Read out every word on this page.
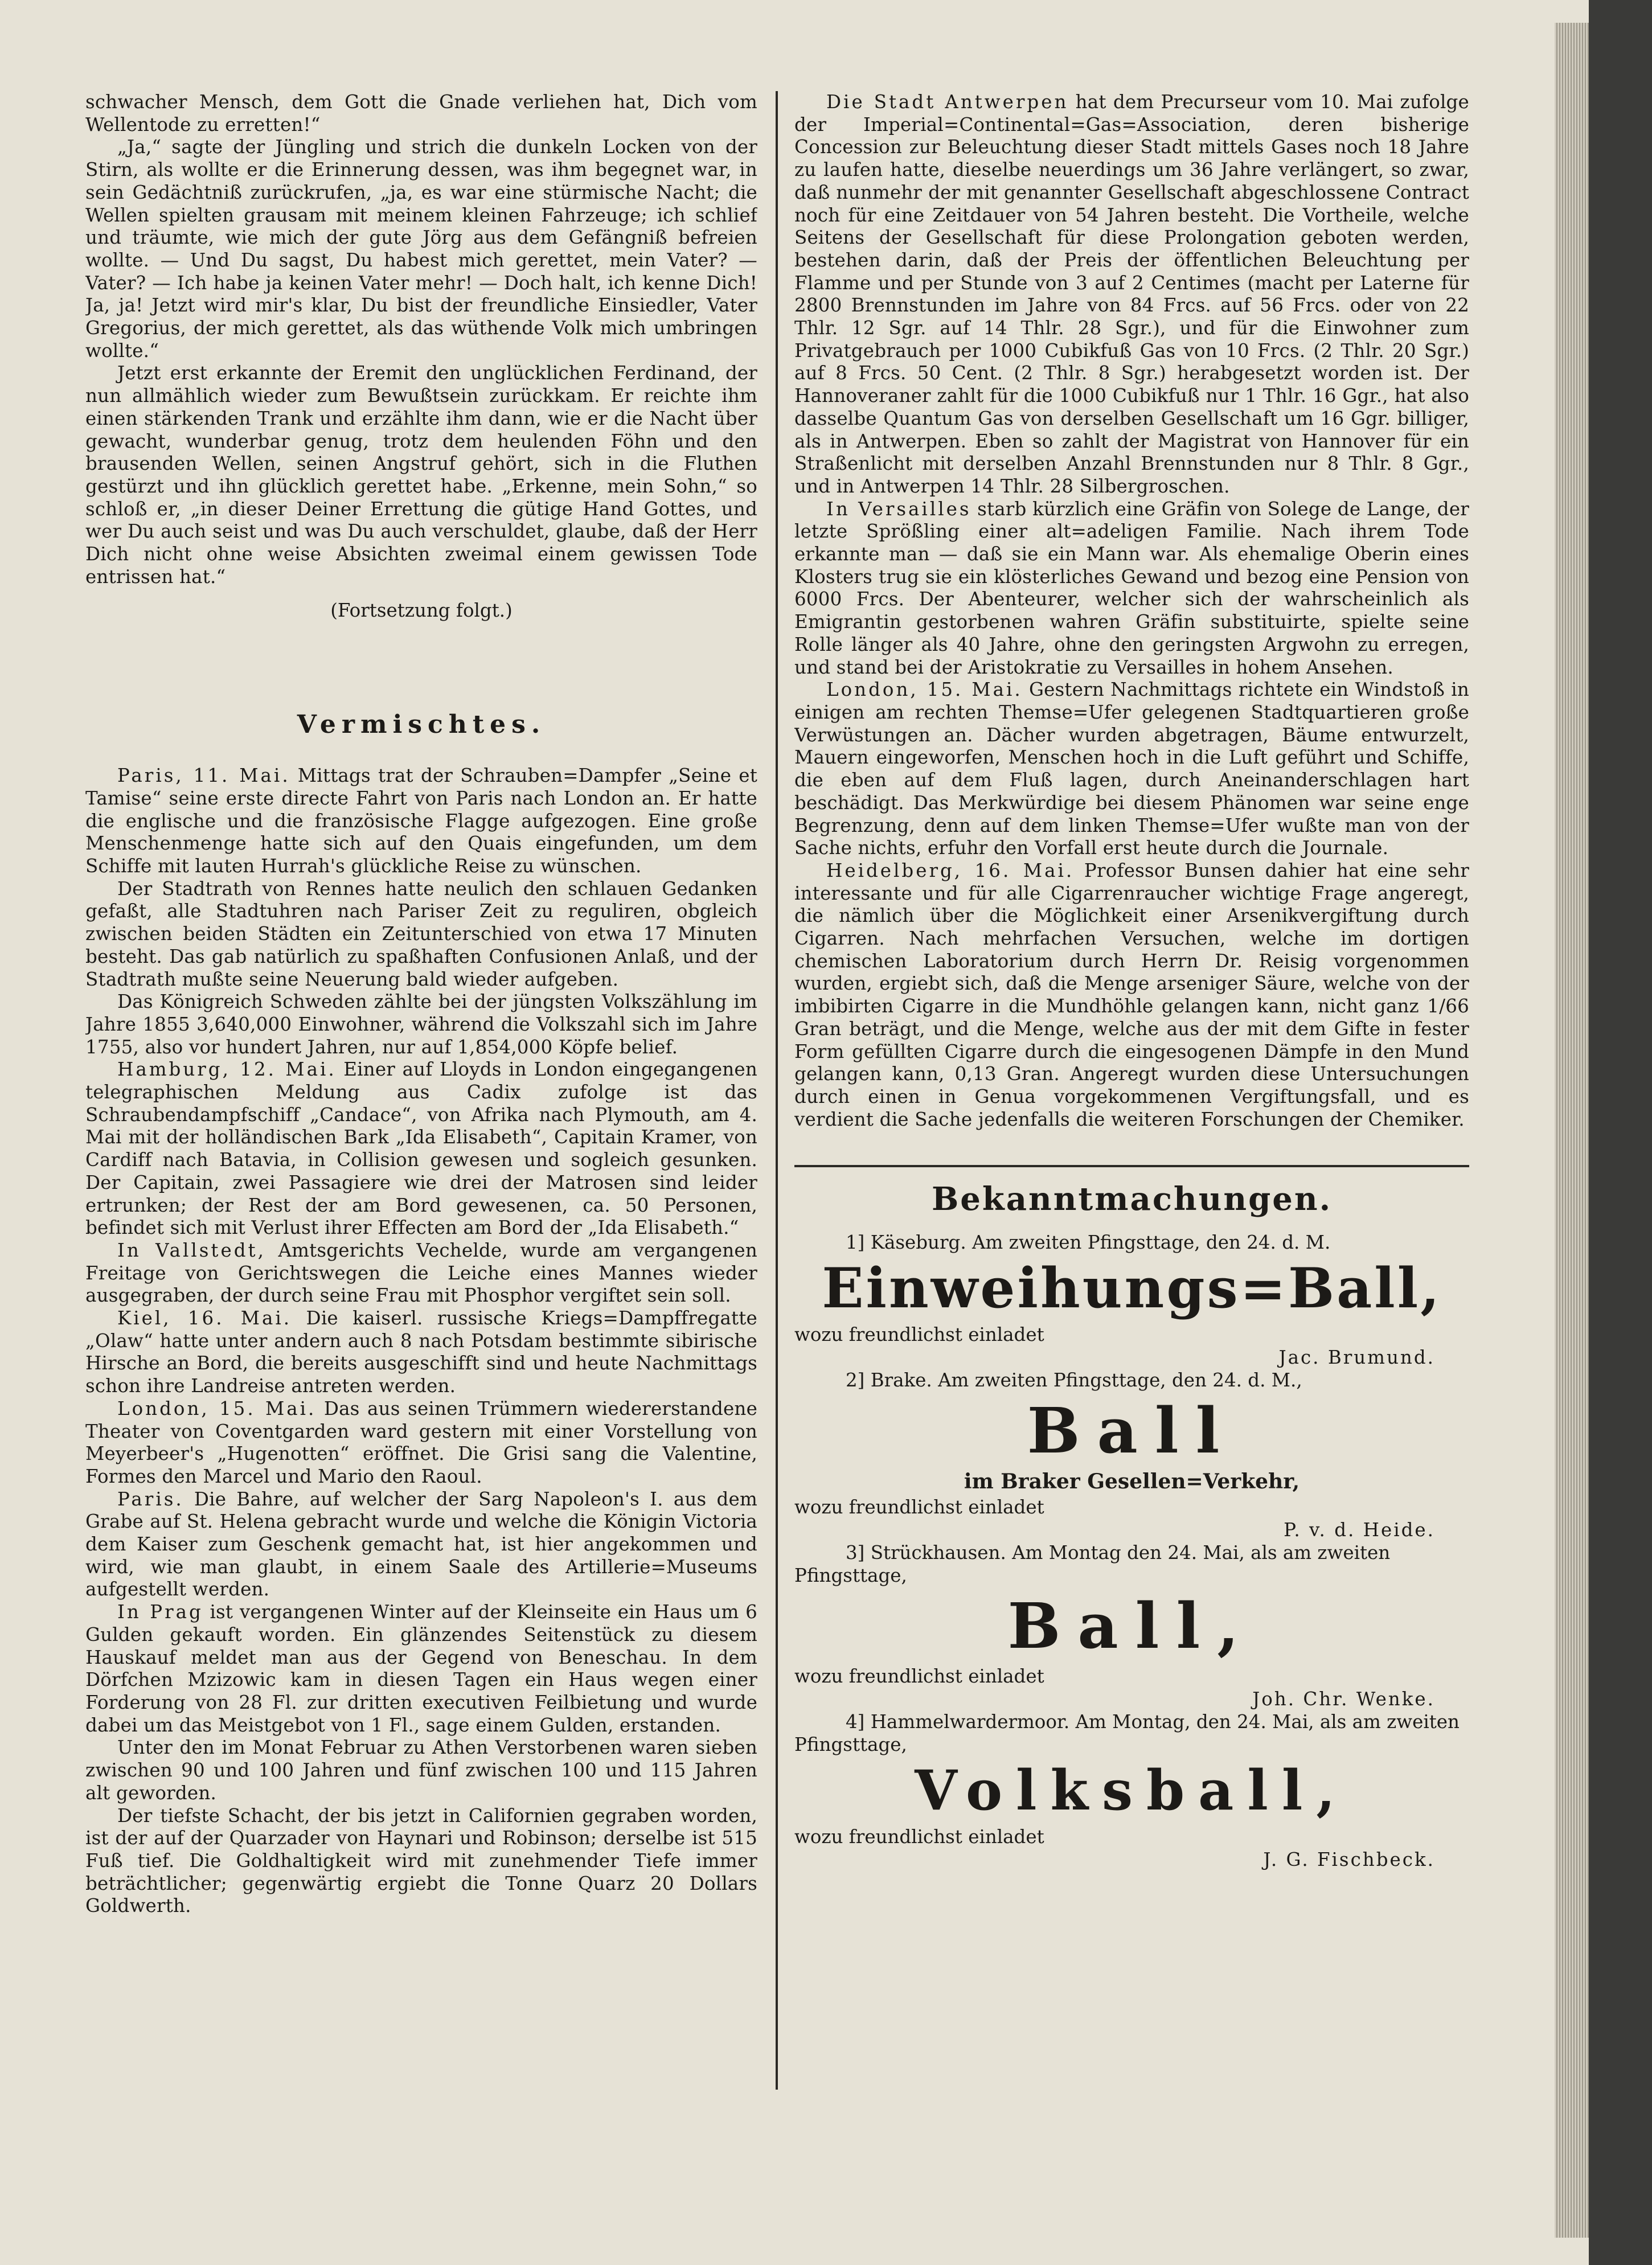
schwacher Mensch, dem Gott die Gnade verliehen hat, Dich vom Wellentode zu erretten!“

„Ja,“ sagte der Jüngling und strich die dunkeln Locken von der Stirn, als wollte er die Erinnerung dessen, was ihm begegnet war, in sein Gedächtniß zurückrufen, „ja, es war eine stürmische Nacht; die Wellen spielten grausam mit meinem kleinen Fahrzeuge; ich schlief und träumte, wie mich der gute Jörg aus dem Gefängniß befreien wollte. — Und Du sagst, Du habest mich gerettet, mein Vater? — Vater? — Ich habe ja keinen Vater mehr! — Doch halt, ich kenne Dich! Ja, ja! Jetzt wird mir's klar, Du bist der freundliche Einsiedler, Vater Gregorius, der mich gerettet, als das wüthende Volk mich umbringen wollte.“

Jetzt erst erkannte der Eremit den unglücklichen Ferdinand, der nun allmählich wieder zum Bewußtsein zurückkam. Er reichte ihm einen stärkenden Trank und erzählte ihm dann, wie er die Nacht über gewacht, wunderbar genug, trotz dem heulenden Föhn und den brausenden Wellen, seinen Angstruf gehört, sich in die Fluthen gestürzt und ihn glücklich gerettet habe. „Erkenne, mein Sohn,“ so schloß er, „in dieser Deiner Errettung die gütige Hand Gottes, und wer Du auch seist und was Du auch verschuldet, glaube, daß der Herr Dich nicht ohne weise Absichten zweimal einem gewissen Tode entrissen hat.“

(Fortsetzung folgt.)
Vermischtes.

Paris, 11. Mai. Mittags trat der Schrauben=Dampfer „Seine et Tamise“ seine erste directe Fahrt von Paris nach London an. Er hatte die englische und die französische Flagge aufgezogen. Eine große Menschenmenge hatte sich auf den Quais eingefunden, um dem Schiffe mit lauten Hurrah's glückliche Reise zu wünschen.

Der Stadtrath von Rennes hatte neulich den schlauen Gedanken gefaßt, alle Stadtuhren nach Pariser Zeit zu reguliren, obgleich zwischen beiden Städten ein Zeitunterschied von etwa 17 Minuten besteht. Das gab natürlich zu spaßhaften Confusionen Anlaß, und der Stadtrath mußte seine Neuerung bald wieder aufgeben.

Das Königreich Schweden zählte bei der jüngsten Volkszählung im Jahre 1855 3,640,000 Einwohner, während die Volkszahl sich im Jahre 1755, also vor hundert Jahren, nur auf 1,854,000 Köpfe belief.

Hamburg, 12. Mai. Einer auf Lloyds in London eingegangenen telegraphischen Meldung aus Cadix zufolge ist das Schraubendampfschiff „Candace“, von Afrika nach Plymouth, am 4. Mai mit der holländischen Bark „Ida Elisabeth“, Capitain Kramer, von Cardiff nach Batavia, in Collision gewesen und sogleich gesunken. Der Capitain, zwei Passagiere wie drei der Matrosen sind leider ertrunken; der Rest der am Bord gewesenen, ca. 50 Personen, befindet sich mit Verlust ihrer Effecten am Bord der „Ida Elisabeth.“

In Vallstedt, Amtsgerichts Vechelde, wurde am vergangenen Freitage von Gerichtswegen die Leiche eines Mannes wieder ausgegraben, der durch seine Frau mit Phosphor vergiftet sein soll.

Kiel, 16. Mai. Die kaiserl. russische Kriegs=Dampffregatte „Olaw“ hatte unter andern auch 8 nach Potsdam bestimmte sibirische Hirsche an Bord, die bereits ausgeschifft sind und heute Nachmittags schon ihre Landreise antreten werden.

London, 15. Mai. Das aus seinen Trümmern wiedererstandene Theater von Coventgarden ward gestern mit einer Vorstellung von Meyerbeer's „Hugenotten“ eröffnet. Die Grisi sang die Valentine, Formes den Marcel und Mario den Raoul.

Paris. Die Bahre, auf welcher der Sarg Napoleon's I. aus dem Grabe auf St. Helena gebracht wurde und welche die Königin Victoria dem Kaiser zum Geschenk gemacht hat, ist hier angekommen und wird, wie man glaubt, in einem Saale des Artillerie=Museums aufgestellt werden.

In Prag ist vergangenen Winter auf der Kleinseite ein Haus um 6 Gulden gekauft worden. Ein glänzendes Seitenstück zu diesem Hauskauf meldet man aus der Gegend von Beneschau. In dem Dörfchen Mzizowic kam in diesen Tagen ein Haus wegen einer Forderung von 28 Fl. zur dritten executiven Feilbietung und wurde dabei um das Meistgebot von 1 Fl., sage einem Gulden, erstanden.

Unter den im Monat Februar zu Athen Verstorbenen waren sieben zwischen 90 und 100 Jahren und fünf zwischen 100 und 115 Jahren alt geworden.

Der tiefste Schacht, der bis jetzt in Californien gegraben worden, ist der auf der Quarzader von Haynari und Robinson; derselbe ist 515 Fuß tief. Die Goldhaltigkeit wird mit zunehmender Tiefe immer beträchtlicher; gegenwärtig ergiebt die Tonne Quarz 20 Dollars Goldwerth.

Die Stadt Antwerpen hat dem Precurseur vom 10. Mai zufolge der Imperial=Continental=Gas=Association, deren bisherige Concession zur Beleuchtung dieser Stadt mittels Gases noch 18 Jahre zu laufen hatte, dieselbe neuerdings um 36 Jahre verlängert, so zwar, daß nunmehr der mit genannter Gesellschaft abgeschlossene Contract noch für eine Zeitdauer von 54 Jahren besteht. Die Vortheile, welche Seitens der Gesellschaft für diese Prolongation geboten werden, bestehen darin, daß der Preis der öffentlichen Beleuchtung per Flamme und per Stunde von 3 auf 2 Centimes (macht per Laterne für 2800 Brennstunden im Jahre von 84 Frcs. auf 56 Frcs. oder von 22 Thlr. 12 Sgr. auf 14 Thlr. 28 Sgr.), und für die Einwohner zum Privatgebrauch per 1000 Cubikfuß Gas von 10 Frcs. (2 Thlr. 20 Sgr.) auf 8 Frcs. 50 Cent. (2 Thlr. 8 Sgr.) herabgesetzt worden ist. Der Hannoveraner zahlt für die 1000 Cubikfuß nur 1 Thlr. 16 Ggr., hat also dasselbe Quantum Gas von derselben Gesellschaft um 16 Ggr. billiger, als in Antwerpen. Eben so zahlt der Magistrat von Hannover für ein Straßenlicht mit derselben Anzahl Brennstunden nur 8 Thlr. 8 Ggr., und in Antwerpen 14 Thlr. 28 Silbergroschen.

In Versailles starb kürzlich eine Gräfin von Solege de Lange, der letzte Sprößling einer alt=adeligen Familie. Nach ihrem Tode erkannte man — daß sie ein Mann war. Als ehemalige Oberin eines Klosters trug sie ein klösterliches Gewand und bezog eine Pension von 6000 Frcs. Der Abenteurer, welcher sich der wahrscheinlich als Emigrantin gestorbenen wahren Gräfin substituirte, spielte seine Rolle länger als 40 Jahre, ohne den geringsten Argwohn zu erregen, und stand bei der Aristokratie zu Versailles in hohem Ansehen.

London, 15. Mai. Gestern Nachmittags richtete ein Windstoß in einigen am rechten Themse=Ufer gelegenen Stadtquartieren große Verwüstungen an. Dächer wurden abgetragen, Bäume entwurzelt, Mauern eingeworfen, Menschen hoch in die Luft geführt und Schiffe, die eben auf dem Fluß lagen, durch Aneinanderschlagen hart beschädigt. Das Merkwürdige bei diesem Phänomen war seine enge Begrenzung, denn auf dem linken Themse=Ufer wußte man von der Sache nichts, erfuhr den Vorfall erst heute durch die Journale.

Heidelberg, 16. Mai. Professor Bunsen dahier hat eine sehr interessante und für alle Cigarrenraucher wichtige Frage angeregt, die nämlich über die Möglichkeit einer Arsenikvergiftung durch Cigarren. Nach mehrfachen Versuchen, welche im dortigen chemischen Laboratorium durch Herrn Dr. Reisig vorgenommen wurden, ergiebt sich, daß die Menge arseniger Säure, welche von der imbibirten Cigarre in die Mundhöhle gelangen kann, nicht ganz 1/66 Gran beträgt, und die Menge, welche aus der mit dem Gifte in fester Form gefüllten Cigarre durch die eingesogenen Dämpfe in den Mund gelangen kann, 0,13 Gran. Angeregt wurden diese Untersuchungen durch einen in Genua vorgekommenen Vergiftungsfall, und es verdient die Sache jedenfalls die weiteren Forschungen der Chemiker.

Bekanntmachungen.

1] Käseburg. Am zweiten Pfingsttage, den 24. d. M.

Einweihungs=Ball,

wozu freundlichst einladet

Jac. Brumund.

2] Brake. Am zweiten Pfingsttage, den 24. d. M.,

Ball
im Braker Gesellen=Verkehr,

wozu freundlichst einladet

P. v. d. Heide.

3] Strückhausen. Am Montag den 24. Mai, als am zweiten Pfingsttage,

Ball,

wozu freundlichst einladet

Joh. Chr. Wenke.

4] Hammelwardermoor. Am Montag, den 24. Mai, als am zweiten Pfingsttage,

Volksball,

wozu freundlichst einladet

J. G. Fischbeck.
